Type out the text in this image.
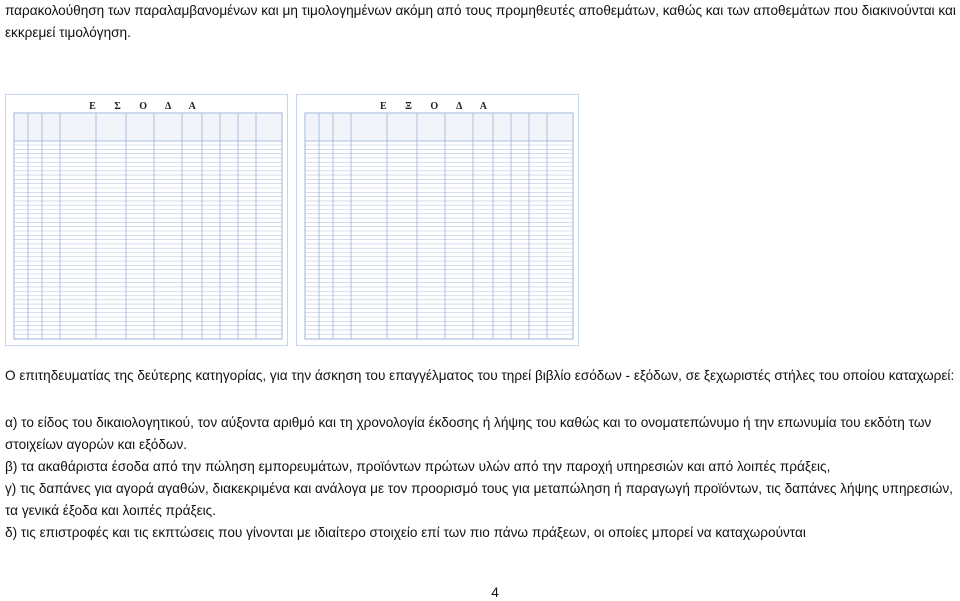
παρακολούθηση των παραλαμβανομένων και μη τιμολογημένων ακόμη από τους προμηθευτές αποθεμάτων, καθώς και των αποθεμάτων που διακινούνται και εκκρεμεί τιμολόγηση.

Ε Σ Ο Δ Α	Ε Ξ Ο Δ Α

Ο επιτηδευματίας της δεύτερης κατηγορίας, για την άσκηση του επαγγέλματος του τηρεί βιβλίο εσόδων - εξόδων, σε ξεχωριστές στήλες του οποίου καταχωρεί:

α) το είδος του δικαιολογητικού, τον αύξοντα αριθμό και τη χρονολογία έκδοσης ή λήψης του καθώς και το ονοματεπώνυμο ή την επωνυμία του εκδότη των στοιχείων αγορών και εξόδων.

β) τα ακαθάριστα έσοδα από την πώληση εμπορευμάτων, προϊόντων πρώτων υλών από την παροχή υπηρεσιών και από λοιπές πράξεις,

γ) τις δαπάνες για αγορά αγαθών, διακεκριμένα και ανάλογα με τον προορισμό τους για μεταπώληση ή παραγωγή προϊόντων, τις δαπάνες λήψης υπηρεσιών, τα γενικά έξοδα και λοιπές πράξεις.

δ) τις επιστροφές και τις εκπτώσεις που γίνονται με ιδιαίτερο στοιχείο επί των πιο πάνω πράξεων, οι οποίες μπορεί να καταχωρούνται

4
